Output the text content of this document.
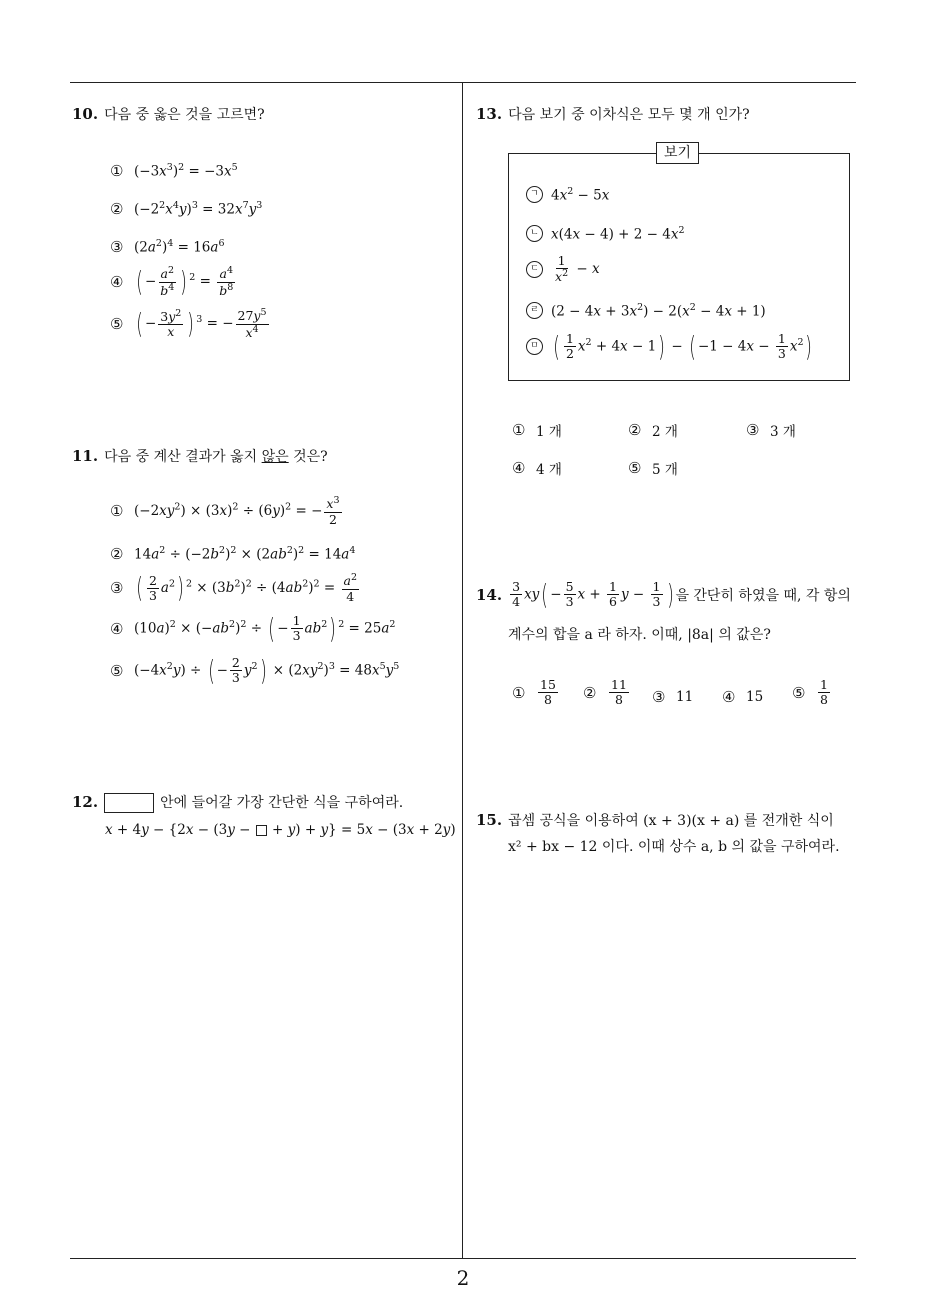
2
10. 다음 중 옳은 것을 고르면?
① $(-3x^3)^2 = -3x^5$
② $(-2^2x^4y)^3 = 32x^7y^3$
③ $(2a^2)^4 = 16a^6$
④ ( − $\frac{a^2}{b^4}$ ) $^2 = \frac{a^4}{b^8}$
⑤ ( − $\frac{3y^2}{x}$ ) $^3$ = − $\frac{27y^5}{x^4}$
11. 다음 중 계산 결과가 옳지 않은 것은?
① $(-2xy^2) \times (3x)^2 \div (6y)^2$ = − $\frac{x^3}{2}$
② $14a^2 \div (-2b^2)^2 \times (2ab^2)^2 = 14a^4$
③ ( $\frac{2}{3} a^2$) $^2 \times (3b^2)^2 \div (4ab^2)^2 = \frac{a^2}{4}$
④ $(10a)^2 \times (-ab^2)^2$ ÷ ( − $\frac{1}{3} ab^2$) $^2 = 25a^2$
⑤ $(-4x^2y)$ ÷ ( − $\frac{2}{3} y^2) \times (2xy^2)^3 = 48x^5y^5$
12.	안에 들어갈 가장 간단한 식을 구하여라.
x + 4y − {2x − (3y −  + y) + y} = 5x − (3x + 2y)
13. 다음 보기 중 이차식은 모두 몇 개 인가?
보기
ㄱ $4x^2 - 5x$
ㄴ $x(4x - 4) + 2 - 4x^2$
ㄷ	$\frac{1}{x^2} - x$
ㄹ $(2 - 4x + 3x^2) - 2(x^2 - 4x + 1)$
ㅁ ( $\frac{1}{2} x^2 + 4x - 1$) − ( $-1 - 4x - \frac{1}{3} x^2$)
① 1 개	② 2 개	③ 3 개
④ 4 개	⑤ 5 개
14. $\frac{3}{4} xy( - \frac{5}{3}$ $x + \frac{1}{6}$ $y - \frac{1}{3}$ ) 을 간단히 하였을 때, 각 항의
계수의 합을 a 라 하자. 이때, |8a| 의 값은?
①	$\frac{15}{8}$ ②	$\frac{11}{8}$ ③ 11 ④ 15 ⑤	$\frac{1}{8}$
15. 곱셈 공식을 이용하여 (x + 3)(x + a) 를 전개한 식이
x² + bx − 12 이다. 이때 상수 a, b 의 값을 구하여라.
